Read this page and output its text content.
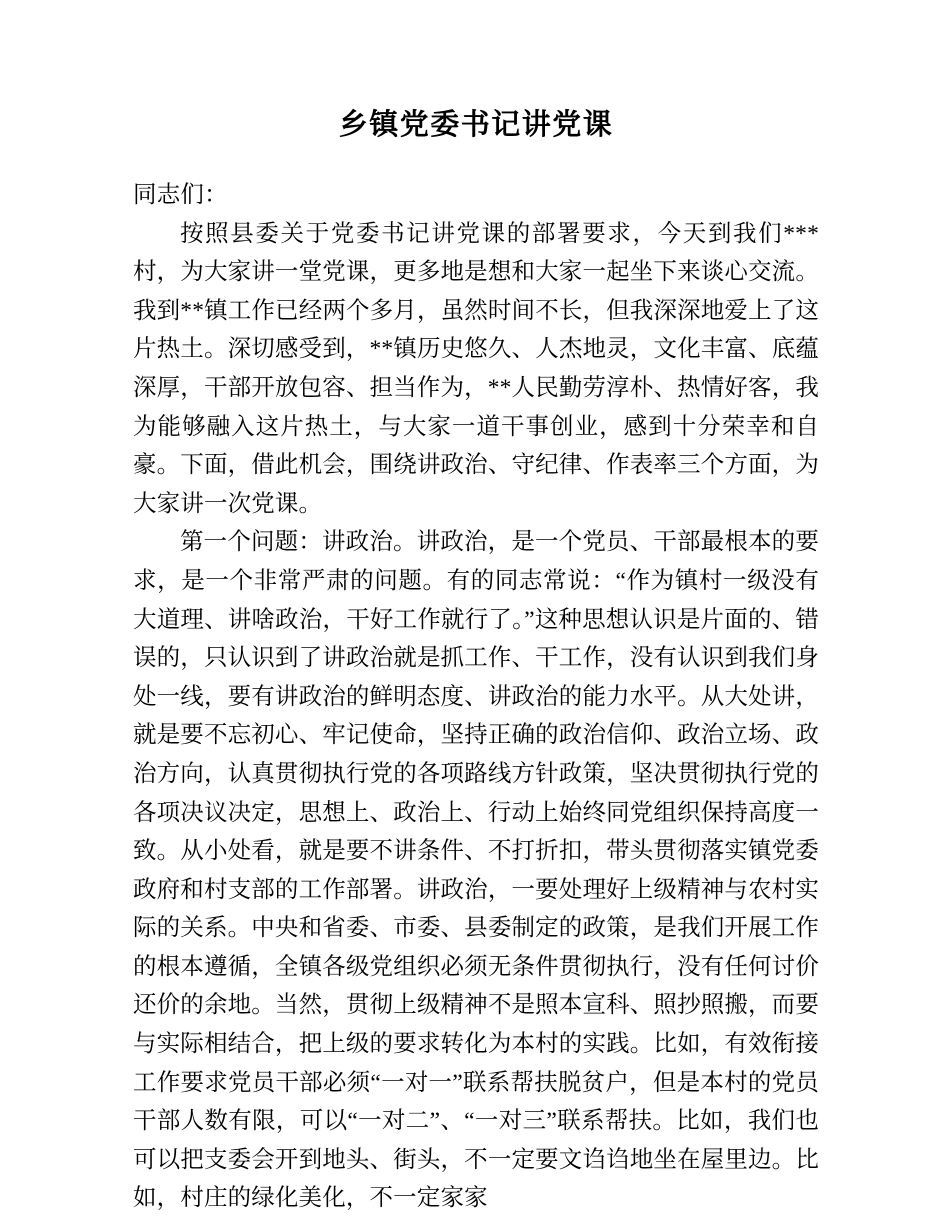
乡镇党委书记讲党课

同志们：

按照县委关于党委书记讲党课的部署要求，今天到我们***村，为大家讲一堂党课，更多地是想和大家一起坐下来谈心交流。我到**镇工作已经两个多月，虽然时间不长，但我深深地爱上了这片热土。深切感受到，**镇历史悠久、人杰地灵，文化丰富、底蕴深厚，干部开放包容、担当作为，**人民勤劳淳朴、热情好客，我为能够融入这片热土，与大家一道干事创业，感到十分荣幸和自豪。下面，借此机会，围绕讲政治、守纪律、作表率三个方面，为大家讲一次党课。

第一个问题：讲政治。讲政治，是一个党员、干部最根本的要求，是一个非常严肃的问题。有的同志常说：“作为镇村一级没有大道理、讲啥政治，干好工作就行了。”这种思想认识是片面的、错误的，只认识到了讲政治就是抓工作、干工作，没有认识到我们身处一线，要有讲政治的鲜明态度、讲政治的能力水平。从大处讲，就是要不忘初心、牢记使命，坚持正确的政治信仰、政治立场、政治方向，认真贯彻执行党的各项路线方针政策，坚决贯彻执行党的各项决议决定，思想上、政治上、行动上始终同党组织保持高度一致。从小处看，就是要不讲条件、不打折扣，带头贯彻落实镇党委政府和村支部的工作部署。讲政治，一要处理好上级精神与农村实际的关系。中央和省委、市委、县委制定的政策，是我们开展工作的根本遵循，全镇各级党组织必须无条件贯彻执行，没有任何讨价还价的余地。当然，贯彻上级精神不是照本宣科、照抄照搬，而要与实际相结合，把上级的要求转化为本村的实践。比如，有效衔接工作要求党员干部必须“一对一”联系帮扶脱贫户，但是本村的党员干部人数有限，可以“一对二”、“一对三”联系帮扶。比如，我们也可以把支委会开到地头、街头，不一定要文诌诌地坐在屋里边。比如，村庄的绿化美化，不一定家家
